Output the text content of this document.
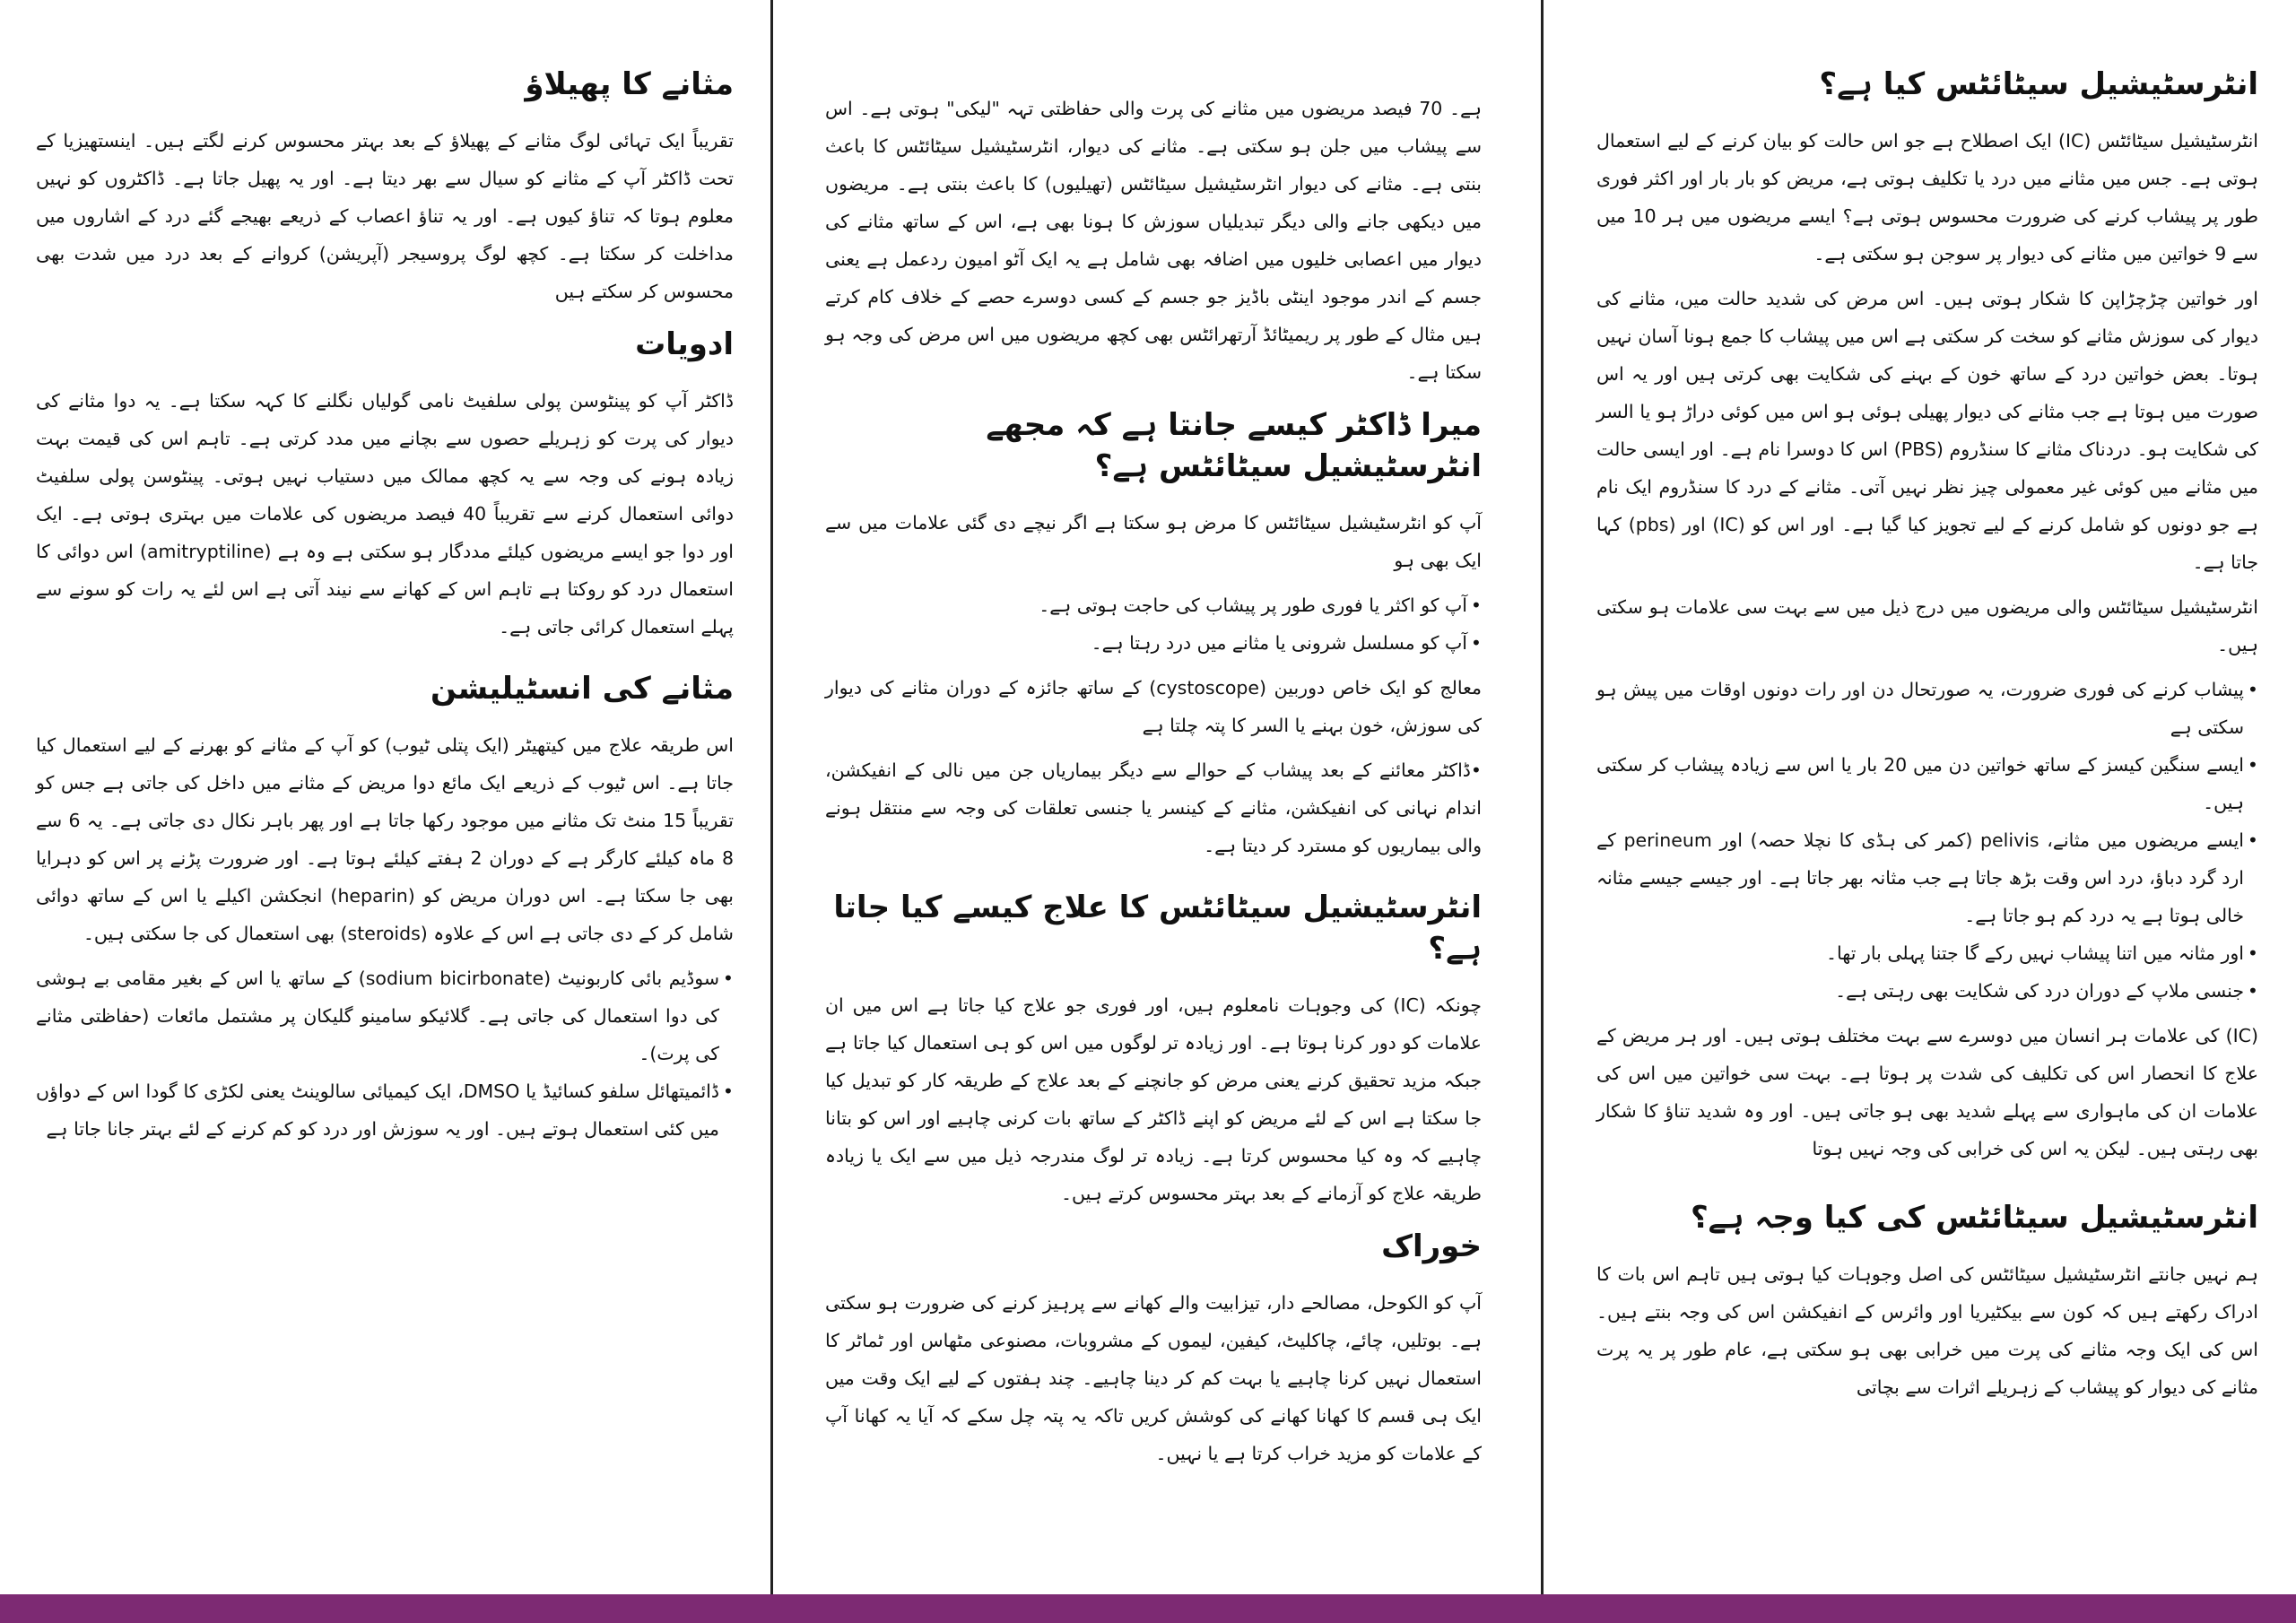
انٹرسٹیشیل سیٹائٹس کیا ہے؟

انٹرسٹیشیل سیٹائٹس (IC) ایک اصطلاح ہے جو اس حالت کو بیان کرنے کے لیے استعمال ہوتی ہے۔ جس میں مثانے میں درد یا تکلیف ہوتی ہے، مریض کو بار بار اور اکثر فوری طور پر پیشاب کرنے کی ضرورت محسوس ہوتی ہے؟ ایسے مریضوں میں ہر 10 میں سے 9 خواتین میں مثانے کی دیوار پر سوجن ہو سکتی ہے۔

اور خواتین چڑچڑاپن کا شکار ہوتی ہیں۔ اس مرض کی شدید حالت میں، مثانے کی دیوار کی سوزش مثانے کو سخت کر سکتی ہے اس میں پیشاب کا جمع ہونا آسان نہیں ہوتا۔ بعض خواتین درد کے ساتھ خون کے بہنے کی شکایت بھی کرتی ہیں اور یہ اس صورت میں ہوتا ہے جب مثانے کی دیوار پھیلی ہوئی ہو اس میں کوئی دراڑ ہو یا السر کی شکایت ہو۔ دردناک مثانے کا سنڈروم (PBS) اس کا دوسرا نام ہے۔ اور ایسی حالت میں مثانے میں کوئی غیر معمولی چیز نظر نہیں آتی۔ مثانے کے درد کا سنڈروم ایک نام ہے جو دونوں کو شامل کرنے کے لیے تجویز کیا گیا ہے۔ اور اس کو (IC) اور (pbs) کہا جاتا ہے۔

انٹرسٹیشیل سیٹائٹس والی مریضوں میں درج ذیل میں سے بہت سی علامات ہو سکتی ہیں۔

• پیشاب کرنے کی فوری ضرورت، یہ صورتحال دن اور رات دونوں اوقات میں پیش ہو سکتی ہے
• ایسے سنگین کیسز کے ساتھ خواتین دن میں 20 بار یا اس سے زیادہ پیشاب کر سکتی ہیں۔
• ایسے مریضوں میں مثانے، pelivis (کمر کی ہڈی کا نچلا حصہ) اور perineum کے ارد گرد دباؤ، درد اس وقت بڑھ جاتا ہے جب مثانہ بھر جاتا ہے۔ اور جیسے جیسے مثانہ خالی ہوتا ہے یہ درد کم ہو جاتا ہے۔
• اور مثانہ میں اتنا پیشاب نہیں رکے گا جتنا پہلی بار تھا۔
• جنسی ملاپ کے دوران درد کی شکایت بھی رہتی ہے۔

(IC) کی علامات ہر انسان میں دوسرے سے بہت مختلف ہوتی ہیں۔ اور ہر مریض کے علاج کا انحصار اس کی تکلیف کی شدت پر ہوتا ہے۔ بہت سی خواتین میں اس کی علامات ان کی ماہواری سے پہلے شدید بھی ہو جاتی ہیں۔ اور وہ شدید تناؤ کا شکار بھی رہتی ہیں۔ لیکن یہ اس کی خرابی کی وجہ نہیں ہوتا

انٹرسٹیشیل سیٹائٹس کی کیا وجہ ہے؟

ہم نہیں جانتے انٹرسٹیشیل سیٹائٹس کی اصل وجوہات کیا ہوتی ہیں تاہم اس بات کا ادراک رکھتے ہیں کہ کون سے بیکٹیریا اور وائرس کے انفیکشن اس کی وجہ بنتے ہیں۔ اس کی ایک وجہ مثانے کی پرت میں خرابی بھی ہو سکتی ہے، عام طور پر یہ پرت مثانے کی دیوار کو پیشاب کے زہریلے اثرات سے بچاتی

ہے۔ 70 فیصد مریضوں میں مثانے کی پرت والی حفاظتی تہہ "لیکی" ہوتی ہے۔ اس سے پیشاب میں جلن ہو سکتی ہے۔ مثانے کی دیوار، انٹرسٹیشیل سیٹائٹس کا باعث بنتی ہے۔ مثانے کی دیوار انٹرسٹیشیل سیٹائٹس (تھیلیوں) کا باعث بنتی ہے۔ مریضوں میں دیکھی جانے والی دیگر تبدیلیاں سوزش کا ہونا بھی ہے، اس کے ساتھ مثانے کی دیوار میں اعصابی خلیوں میں اضافہ بھی شامل ہے یہ ایک آٹو امیون ردعمل ہے یعنی جسم کے اندر موجود اینٹی باڈیز جو جسم کے کسی دوسرے حصے کے خلاف کام کرتے ہیں مثال کے طور پر ریمیٹائڈ آرتھرائٹس بھی کچھ مریضوں میں اس مرض کی وجہ ہو سکتا ہے۔

میرا ڈاکٹر کیسے جانتا ہے کہ مجھے انٹرسٹیشیل سیٹائٹس ہے؟

آپ کو انٹرسٹیشیل سیٹائٹس کا مرض ہو سکتا ہے اگر نیچے دی گئی علامات میں سے ایک بھی ہو

• آپ کو اکثر یا فوری طور پر پیشاب کی حاجت ہوتی ہے۔
• آپ کو مسلسل شرونی یا مثانے میں درد رہتا ہے۔

معالج کو ایک خاص دوربین (cystoscope) کے ساتھ جائزہ کے دوران مثانے کی دیوار کی سوزش، خون بہنے یا السر کا پتہ چلتا ہے

•ڈاکٹر معائنے کے بعد پیشاب کے حوالے سے دیگر بیماریاں جن میں نالی کے انفیکشن، اندام نہانی کی انفیکشن، مثانے کے کینسر یا جنسی تعلقات کی وجہ سے منتقل ہونے والی بیماریوں کو مسترد کر دیتا ہے۔

انٹرسٹیشیل سیٹائٹس کا علاج کیسے کیا جاتا ہے؟

چونکہ (IC) کی وجوہات نامعلوم ہیں، اور فوری جو علاج کیا جاتا ہے اس میں ان علامات کو دور کرنا ہوتا ہے۔ اور زیادہ تر لوگوں میں اس کو ہی استعمال کیا جاتا ہے جبکہ مزید تحقیق کرنے یعنی مرض کو جانچنے کے بعد علاج کے طریقہ کار کو تبدیل کیا جا سکتا ہے اس کے لئے مریض کو اپنے ڈاکٹر کے ساتھ بات کرنی چاہیے اور اس کو بتانا چاہیے کہ وہ کیا محسوس کرتا ہے۔ زیادہ تر لوگ مندرجہ ذیل میں سے ایک یا زیادہ طریقہ علاج کو آزمانے کے بعد بہتر محسوس کرتے ہیں۔

خوراک

آپ کو الکوحل، مصالحے دار، تیزابیت والے کھانے سے پرہیز کرنے کی ضرورت ہو سکتی ہے۔ بوتلیں، چائے، چاکلیٹ، کیفین، لیموں کے مشروبات، مصنوعی مٹھاس اور ٹماٹر کا استعمال نہیں کرنا چاہیے یا بہت کم کر دینا چاہیے۔ چند ہفتوں کے لیے ایک وقت میں ایک ہی قسم کا کھانا کھانے کی کوشش کریں تاکہ یہ پتہ چل سکے کہ آیا یہ کھانا آپ کے علامات کو مزید خراب کرتا ہے یا نہیں۔

مثانے کا پھیلاؤ

تقریباً ایک تہائی لوگ مثانے کے پھیلاؤ کے بعد بہتر محسوس کرنے لگتے ہیں۔ اینستھیزیا کے تحت ڈاکٹر آپ کے مثانے کو سیال سے بھر دیتا ہے۔ اور یہ پھیل جاتا ہے۔ ڈاکٹروں کو نہیں معلوم ہوتا کہ تناؤ کیوں ہے۔ اور یہ تناؤ اعصاب کے ذریعے بھیجے گئے درد کے اشاروں میں مداخلت کر سکتا ہے۔ کچھ لوگ پروسیجر (آپریشن) کروانے کے بعد درد میں شدت بھی محسوس کر سکتے ہیں

ادویات

ڈاکٹر آپ کو پینٹوسن پولی سلفیٹ نامی گولیاں نگلنے کا کہہ سکتا ہے۔ یہ دوا مثانے کی دیوار کی پرت کو زہریلے حصوں سے بچانے میں مدد کرتی ہے۔ تاہم اس کی قیمت بہت زیادہ ہونے کی وجہ سے یہ کچھ ممالک میں دستیاب نہیں ہوتی۔ پینٹوسن پولی سلفیٹ دوائی استعمال کرنے سے تقریباً 40 فیصد مریضوں کی علامات میں بہتری ہوتی ہے۔ ایک اور دوا جو ایسے مریضوں کیلئے مددگار ہو سکتی ہے وہ ہے (amitryptiline) اس دوائی کا استعمال درد کو روکتا ہے تاہم اس کے کھانے سے نیند آتی ہے اس لئے یہ رات کو سونے سے پہلے استعمال کرائی جاتی ہے۔

مثانے کی انسٹیلیشن

اس طریقہ علاج میں کیتھیٹر (ایک پتلی ٹیوب) کو آپ کے مثانے کو بھرنے کے لیے استعمال کیا جاتا ہے۔ اس ٹیوب کے ذریعے ایک مائع دوا مریض کے مثانے میں داخل کی جاتی ہے جس کو تقریباً 15 منٹ تک مثانے میں موجود رکھا جاتا ہے اور پھر باہر نکال دی جاتی ہے۔ یہ 6 سے 8 ماہ کیلئے کارگر ہے کے دوران 2 ہفتے کیلئے ہوتا ہے۔ اور ضرورت پڑنے پر اس کو دہرایا بھی جا سکتا ہے۔ اس دوران مریض کو (heparin) انجکشن اکیلے یا اس کے ساتھ دوائی شامل کر کے دی جاتی ہے اس کے علاوہ (steroids) بھی استعمال کی جا سکتی ہیں۔

• سوڈیم بائی کاربونیٹ (sodium bicirbonate) کے ساتھ یا اس کے بغیر مقامی بے ہوشی کی دوا استعمال کی جاتی ہے۔ گلائیکو سامینو گلیکان پر مشتمل مائعات (حفاظتی مثانے کی پرت)۔
• ڈائمیتھائل سلفو کسائیڈ یا DMSO، ایک کیمیائی سالوینٹ یعنی لکڑی کا گودا اس کے دواؤں میں کئی استعمال ہوتے ہیں۔ اور یہ سوزش اور درد کو کم کرنے کے لئے بہتر جانا جاتا ہے
